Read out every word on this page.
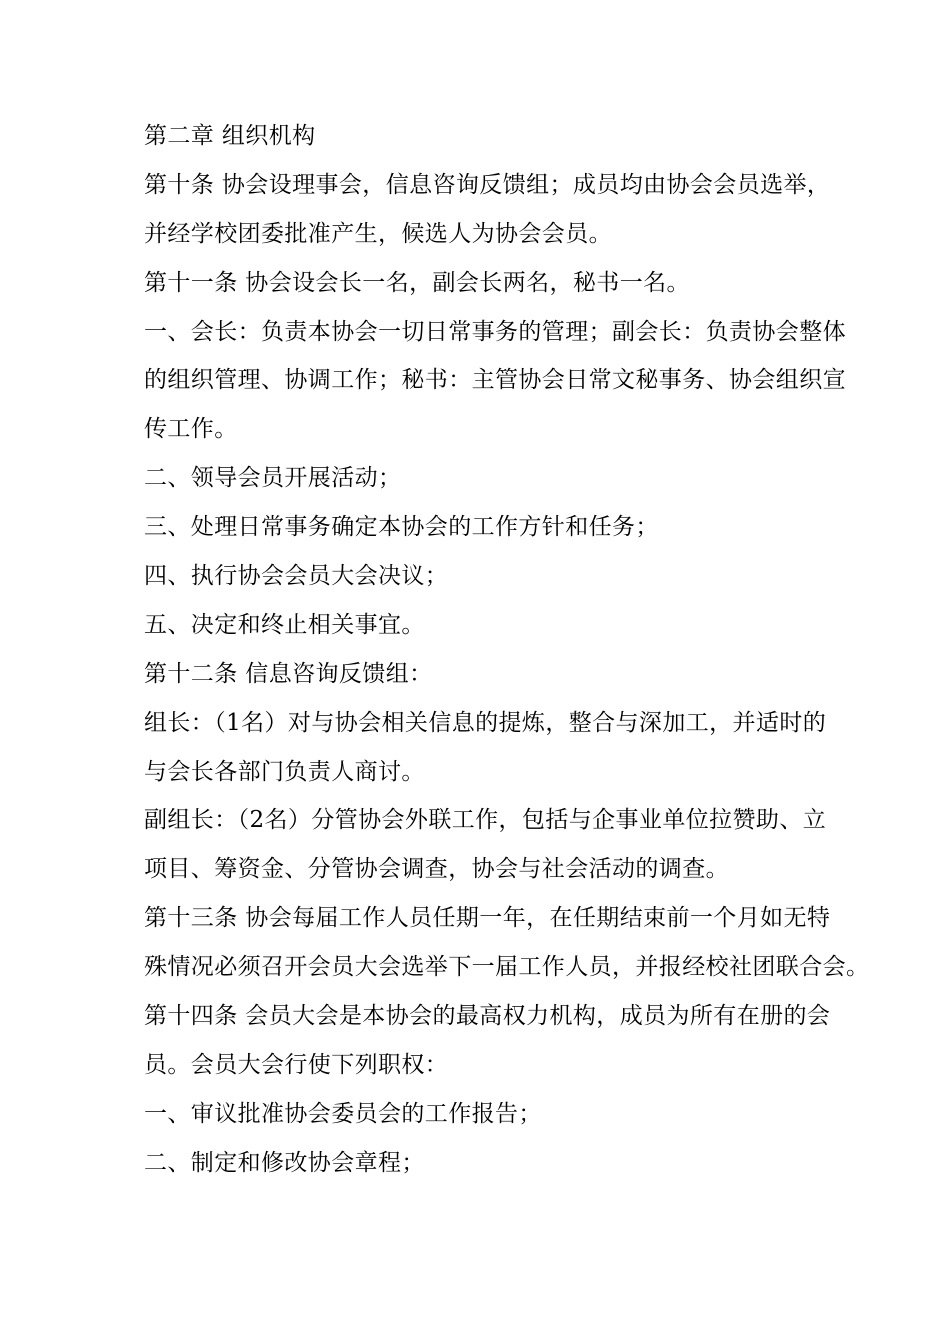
第二章 组织机构
第十条 协会设理事会，信息咨询反馈组；成员均由协会会员选举，
并经学校团委批准产生，候选人为协会会员。
第十一条 协会设会长一名，副会长两名，秘书一名。
一、会长：负责本协会一切日常事务的管理；副会长：负责协会整体
的组织管理、协调工作；秘书：主管协会日常文秘事务、协会组织宣
传工作。
二、领导会员开展活动；
三、处理日常事务确定本协会的工作方针和任务；
四、执行协会会员大会决议；
五、决定和终止相关事宜。
第十二条 信息咨询反馈组：
组长：（1名）对与协会相关信息的提炼，整合与深加工，并适时的
与会长各部门负责人商讨。
副组长：（2名）分管协会外联工作，包括与企事业单位拉赞助、立
项目、筹资金、分管协会调查，协会与社会活动的调查。
第十三条 协会每届工作人员任期一年，在任期结束前一个月如无特
殊情况必须召开会员大会选举下一届工作人员，并报经校社团联合会。
第十四条 会员大会是本协会的最高权力机构，成员为所有在册的会
员。会员大会行使下列职权：
一、审议批准协会委员会的工作报告；
二、制定和修改协会章程；
